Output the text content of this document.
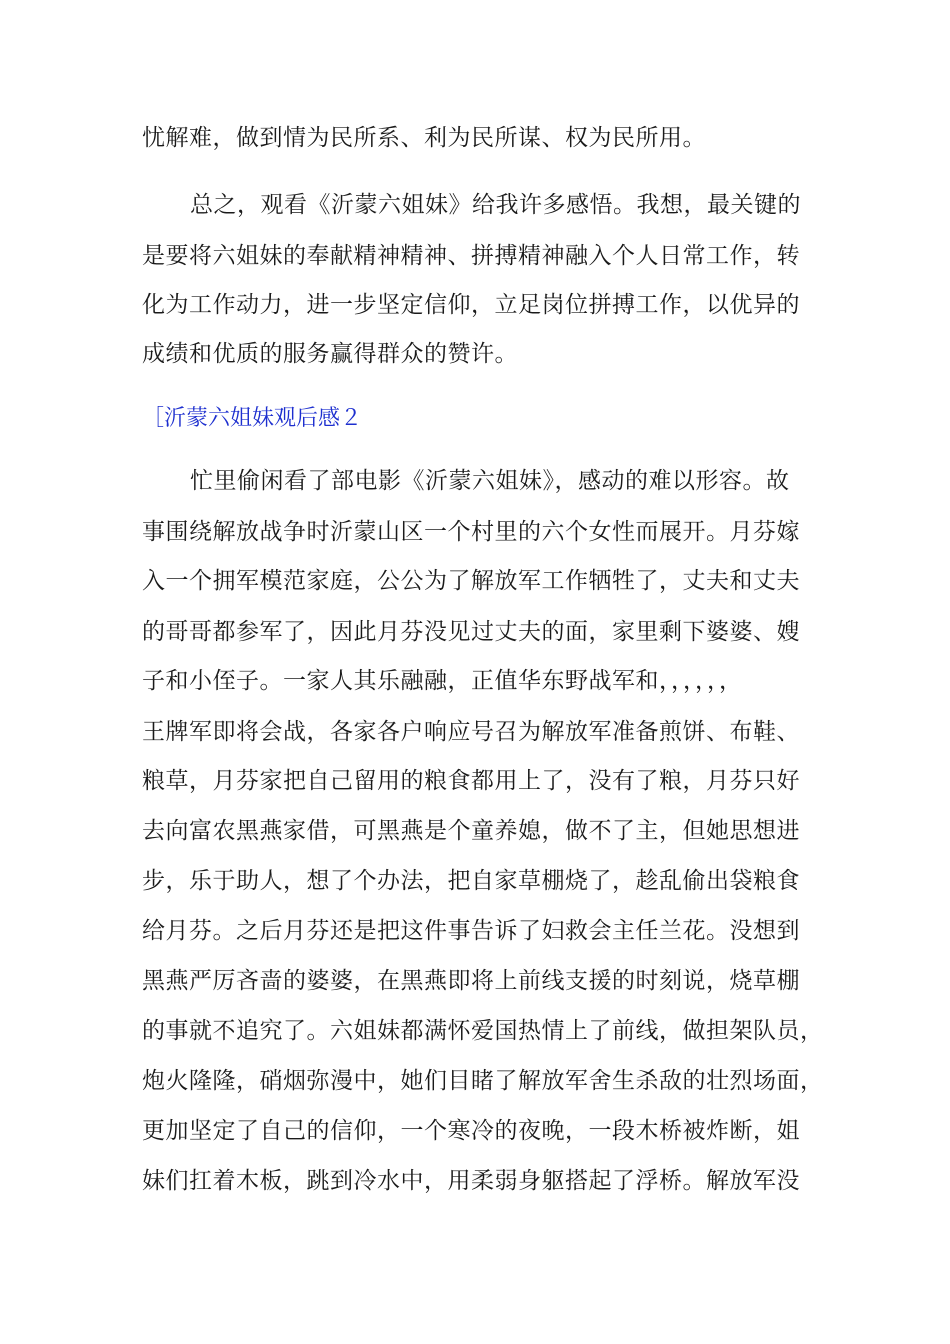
忧解难，做到情为民所系、利为民所谋、权为民所用。
总之，观看《沂蒙六姐妹》给我许多感悟。我想，最关键的
是要将六姐妹的奉献精神精神、拼搏精神融入个人日常工作，转
化为工作动力，进一步坚定信仰，立足岗位拼搏工作，以优异的
成绩和优质的服务赢得群众的赞许。
［沂蒙六姐妹观后感２
忙里偷闲看了部电影《沂蒙六姐妹》，感动的难以形容。故
事围绕解放战争时沂蒙山区一个村里的六个女性而展开。月芬嫁
入一个拥军模范家庭，公公为了解放军工作牺牲了，丈夫和丈夫
的哥哥都参军了，因此月芬没见过丈夫的面，家里剩下婆婆、嫂
子和小侄子。一家人其乐融融，正值华东野战军和，，，，，，
王牌军即将会战，各家各户响应号召为解放军准备煎饼、布鞋、
粮草，月芬家把自己留用的粮食都用上了，没有了粮，月芬只好
去向富农黑燕家借，可黑燕是个童养媳，做不了主，但她思想进
步，乐于助人，想了个办法，把自家草棚烧了，趁乱偷出袋粮食
给月芬。之后月芬还是把这件事告诉了妇救会主任兰花。没想到
黑燕严厉吝啬的婆婆，在黑燕即将上前线支援的时刻说，烧草棚
的事就不追究了。六姐妹都满怀爱国热情上了前线，做担架队员，
炮火隆隆，硝烟弥漫中，她们目睹了解放军舍生杀敌的壮烈场面，
更加坚定了自己的信仰，一个寒冷的夜晚，一段木桥被炸断，姐
妹们扛着木板，跳到冷水中，用柔弱身躯搭起了浮桥。解放军没
